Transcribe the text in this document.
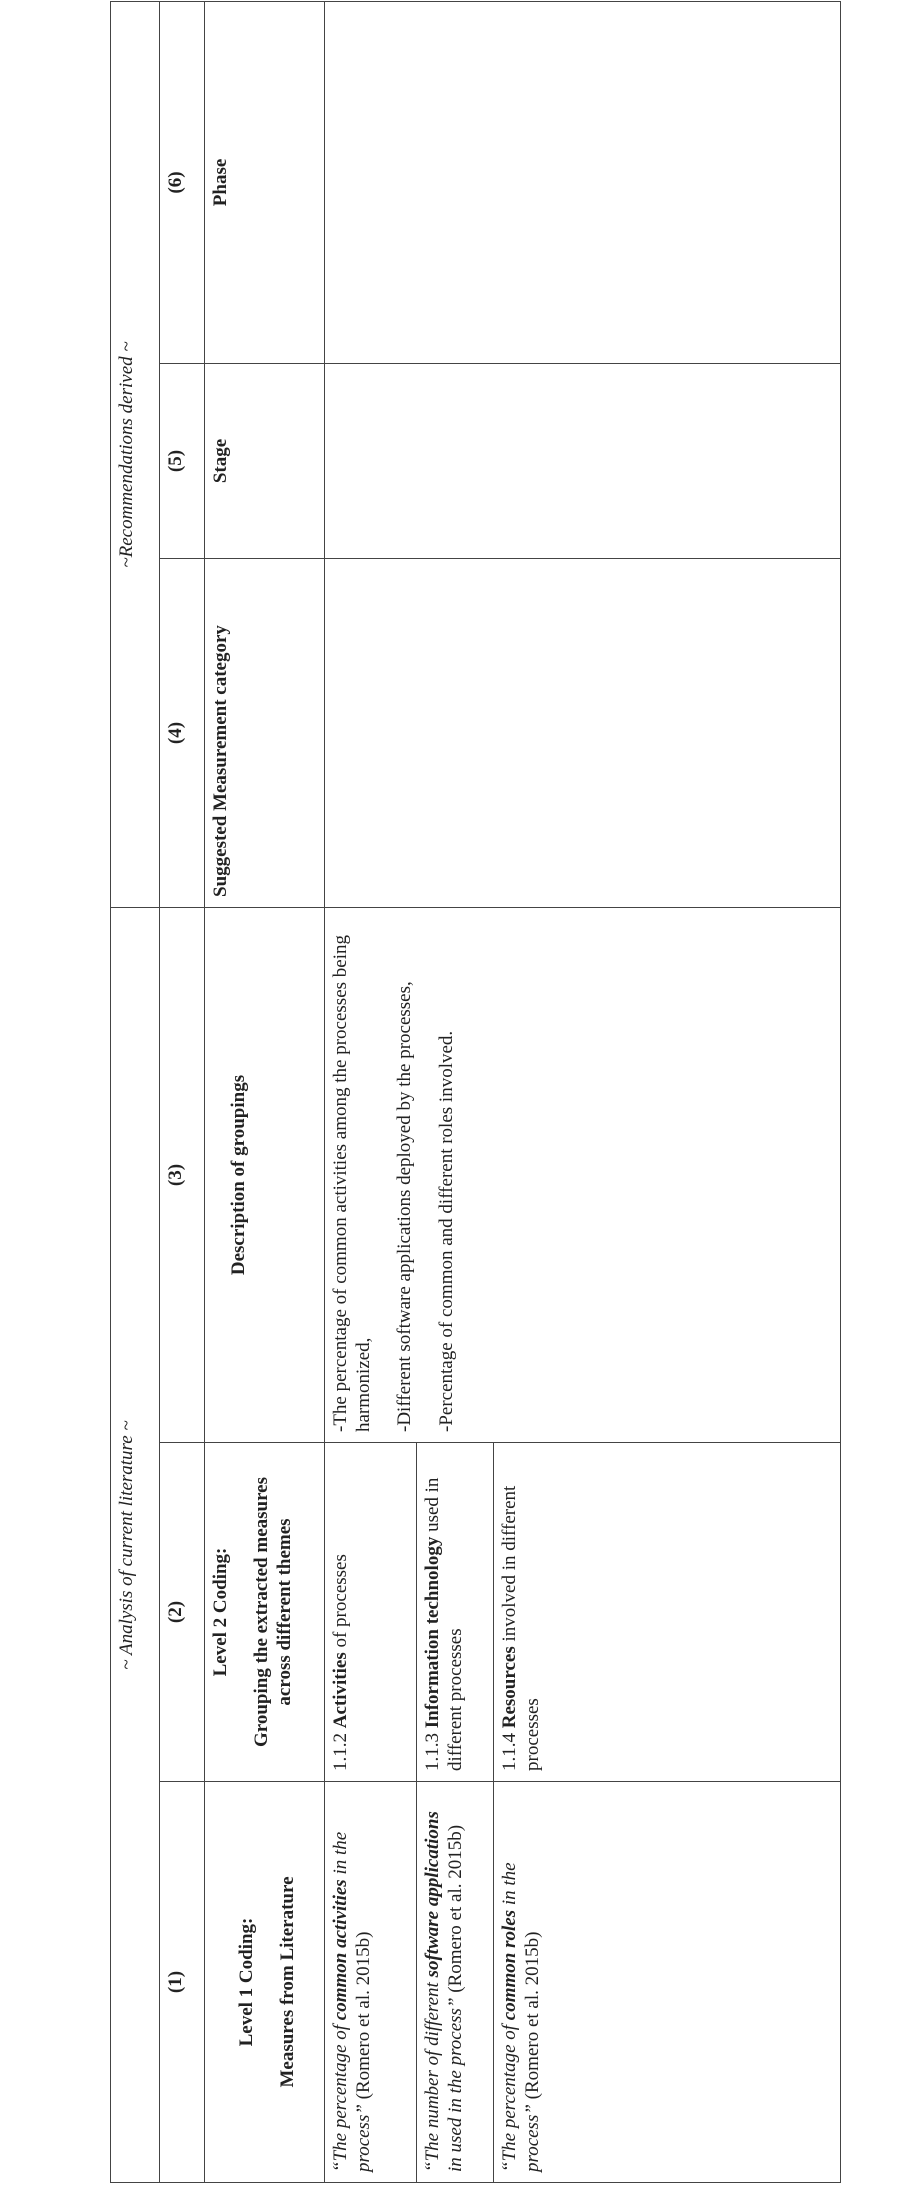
~ Analysis of current literature ~			~Recommendations derived ~		
(1)	(2)	(3)	(4)	(5)	(6)

Level 1 Coding: Measures from Literature	Level 2 Coding: Grouping the extracted measures across different themes	Description of groupings	Suggested Measurement category	Stage	Phase
“The percentage of common activities in the process” (Romero et al. 2015b)	1.1.2 Activities of processes	-The percentage of common activities among the processes being harmonized, -Different software applications deployed by the processes, -Percentage of common and different roles involved.			

“The number of different software applications in used in the process” (Romero et al. 2015b)	1.1.3 Information technology used in different processes				
“The percentage of common roles in the process” (Romero et al. 2015b)	1.1.4 Resources involved in different processes				
